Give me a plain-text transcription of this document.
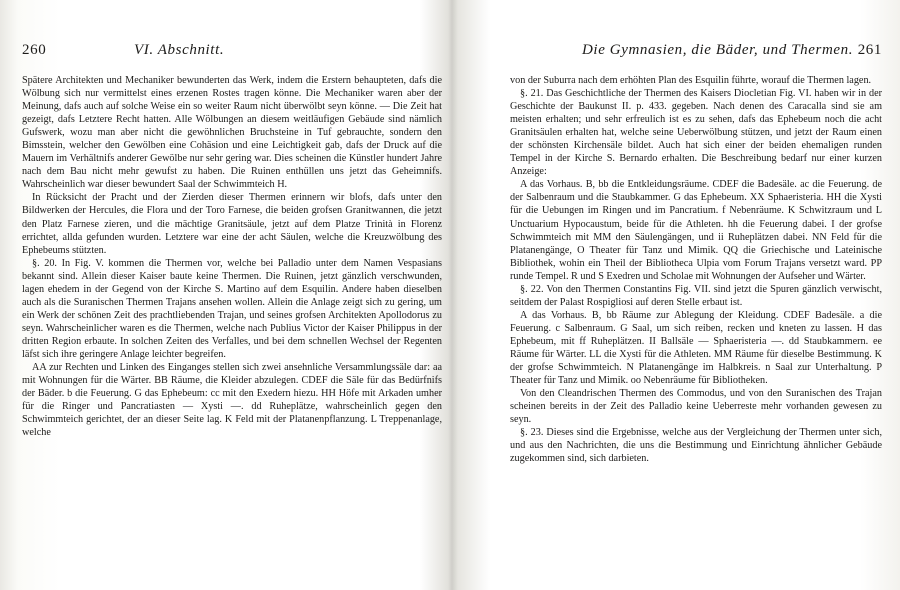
260	VI. Abschnitt.

Spätere Architekten und Mechaniker bewunderten das Werk, indem die Erstern behaupteten, dafs die Wölbung sich nur vermittelst eines erzenen Rostes tragen könne. Die Mechaniker waren aber der Meinung, dafs auch auf solche Weise ein so weiter Raum nicht überwölbt seyn könne. — Die Zeit hat gezeigt, dafs Letztere Recht hatten. Alle Wölbungen an diesem weitläufigen Gebäude sind nämlich Gufswerk, wozu man aber nicht die gewöhnlichen Bruchsteine in Tuf gebrauchte, sondern den Bimsstein, welcher den Gewölben eine Cohäsion und eine Leichtigkeit gab, dafs der Druck auf die Mauern im Verhältnifs anderer Gewölbe nur sehr gering war. Dies scheinen die Künstler hundert Jahre nach dem Bau nicht mehr gewufst zu haben. Die Ruinen enthüllen uns jetzt das Geheimnifs. Wahrscheinlich war dieser bewundert Saal der Schwimmteich H.

In Rücksicht der Pracht und der Zierden dieser Thermen erinnern wir blofs, dafs unter den Bildwerken der Hercules, die Flora und der Toro Farnese, die beiden grofsen Granitwannen, die jetzt den Platz Farnese zieren, und die mächtige Granitsäule, jetzt auf dem Platze Trinità in Florenz errichtet, allda gefunden wurden. Letztere war eine der acht Säulen, welche die Kreuzwölbung des Ephebeums stützten.

§. 20. In Fig. V. kommen die Thermen vor, welche bei Palladio unter dem Namen Vespasians bekannt sind. Allein dieser Kaiser baute keine Thermen. Die Ruinen, jetzt gänzlich verschwunden, lagen ehedem in der Gegend von der Kirche S. Martino auf dem Esquilin. Andere haben dieselben auch als die Suranischen Thermen Trajans ansehen wollen. Allein die Anlage zeigt sich zu gering, um ein Werk der schönen Zeit des prachtliebenden Trajan, und seines grofsen Architekten Apollodorus zu seyn. Wahrscheinlicher waren es die Thermen, welche nach Publius Victor der Kaiser Philippus in der dritten Region erbaute. In solchen Zeiten des Verfalles, und bei dem schnellen Wechsel der Regenten läfst sich ihre geringere Anlage leichter begreifen.

AA zur Rechten und Linken des Einganges stellen sich zwei ansehnliche Versammlungssäle dar: aa mit Wohnungen für die Wärter. BB Räume, die Kleider abzulegen. CDEF die Säle für das Bedürfnifs der Bäder. b die Feuerung. G das Ephebeum: cc mit den Exedern hiezu. HH Höfe mit Arkaden umher für die Ringer und Pancratiasten — Xysti —. dd Ruheplätze, wahrscheinlich gegen den Schwimmteich gerichtet, der an dieser Seite lag. K Feld mit der Platanenpflanzung. L Treppenanlage, welche

Die Gymnasien, die Bäder, und Thermen. 261

von der Suburra nach dem erhöhten Plan des Esquilin führte, worauf die Thermen lagen.

§. 21. Das Geschichtliche der Thermen des Kaisers Diocletian Fig. VI. haben wir in der Geschichte der Baukunst II. p. 433. gegeben. Nach denen des Caracalla sind sie am meisten erhalten; und sehr erfreulich ist es zu sehen, dafs das Ephebeum noch die acht Granitsäulen erhalten hat, welche seine Ueberwölbung stützen, und jetzt der Raum einen der schönsten Kirchensäle bildet. Auch hat sich einer der beiden ehemaligen runden Tempel in der Kirche S. Bernardo erhalten. Die Beschreibung bedarf nur einer kurzen Anzeige:

A das Vorhaus. B, bb die Entkleidungsräume. CDEF die Badesäle. ac die Feuerung. de der Salbenraum und die Staubkammer. G das Ephebeum. XX Sphaeristeria. HH die Xysti für die Uebungen im Ringen und im Pancratium. f Nebenräume. K Schwitzraum und L Unctuarium Hypocaustum, beide für die Athleten. hh die Feuerung dabei. I der grofse Schwimmteich mit MM den Säulengängen, und ii Ruheplätzen dabei. NN Feld für die Platanengänge, O Theater für Tanz und Mimik. QQ die Griechische und Lateinische Bibliothek, wohin ein Theil der Bibliotheca Ulpia vom Forum Trajans versetzt ward. PP runde Tempel. R und S Exedren und Scholae mit Wohnungen der Aufseher und Wärter.

§. 22. Von den Thermen Constantins Fig. VII. sind jetzt die Spuren gänzlich verwischt, seitdem der Palast Rospigliosi auf deren Stelle erbaut ist.

A das Vorhaus. B, bb Räume zur Ablegung der Kleidung. CDEF Badesäle. a die Feuerung. c Salbenraum. G Saal, um sich reiben, recken und kneten zu lassen. H das Ephebeum, mit ff Ruheplätzen. II Ballsäle — Sphaeristeria —. dd Staubkammern. ee Räume für Wärter. LL die Xysti für die Athleten. MM Räume für dieselbe Bestimmung. K der grofse Schwimmteich. N Platanengänge im Halbkreis. n Saal zur Unterhaltung. P Theater für Tanz und Mimik. oo Nebenräume für Bibliotheken.

Von den Cleandrischen Thermen des Commodus, und von den Suranischen des Trajan scheinen bereits in der Zeit des Palladio keine Ueberreste mehr vorhanden gewesen zu seyn.

§. 23. Dieses sind die Ergebnisse, welche aus der Vergleichung der Thermen unter sich, und aus den Nachrichten, die uns die Bestimmung und Einrichtung ähnlicher Gebäude zugekommen sind, sich darbieten.
